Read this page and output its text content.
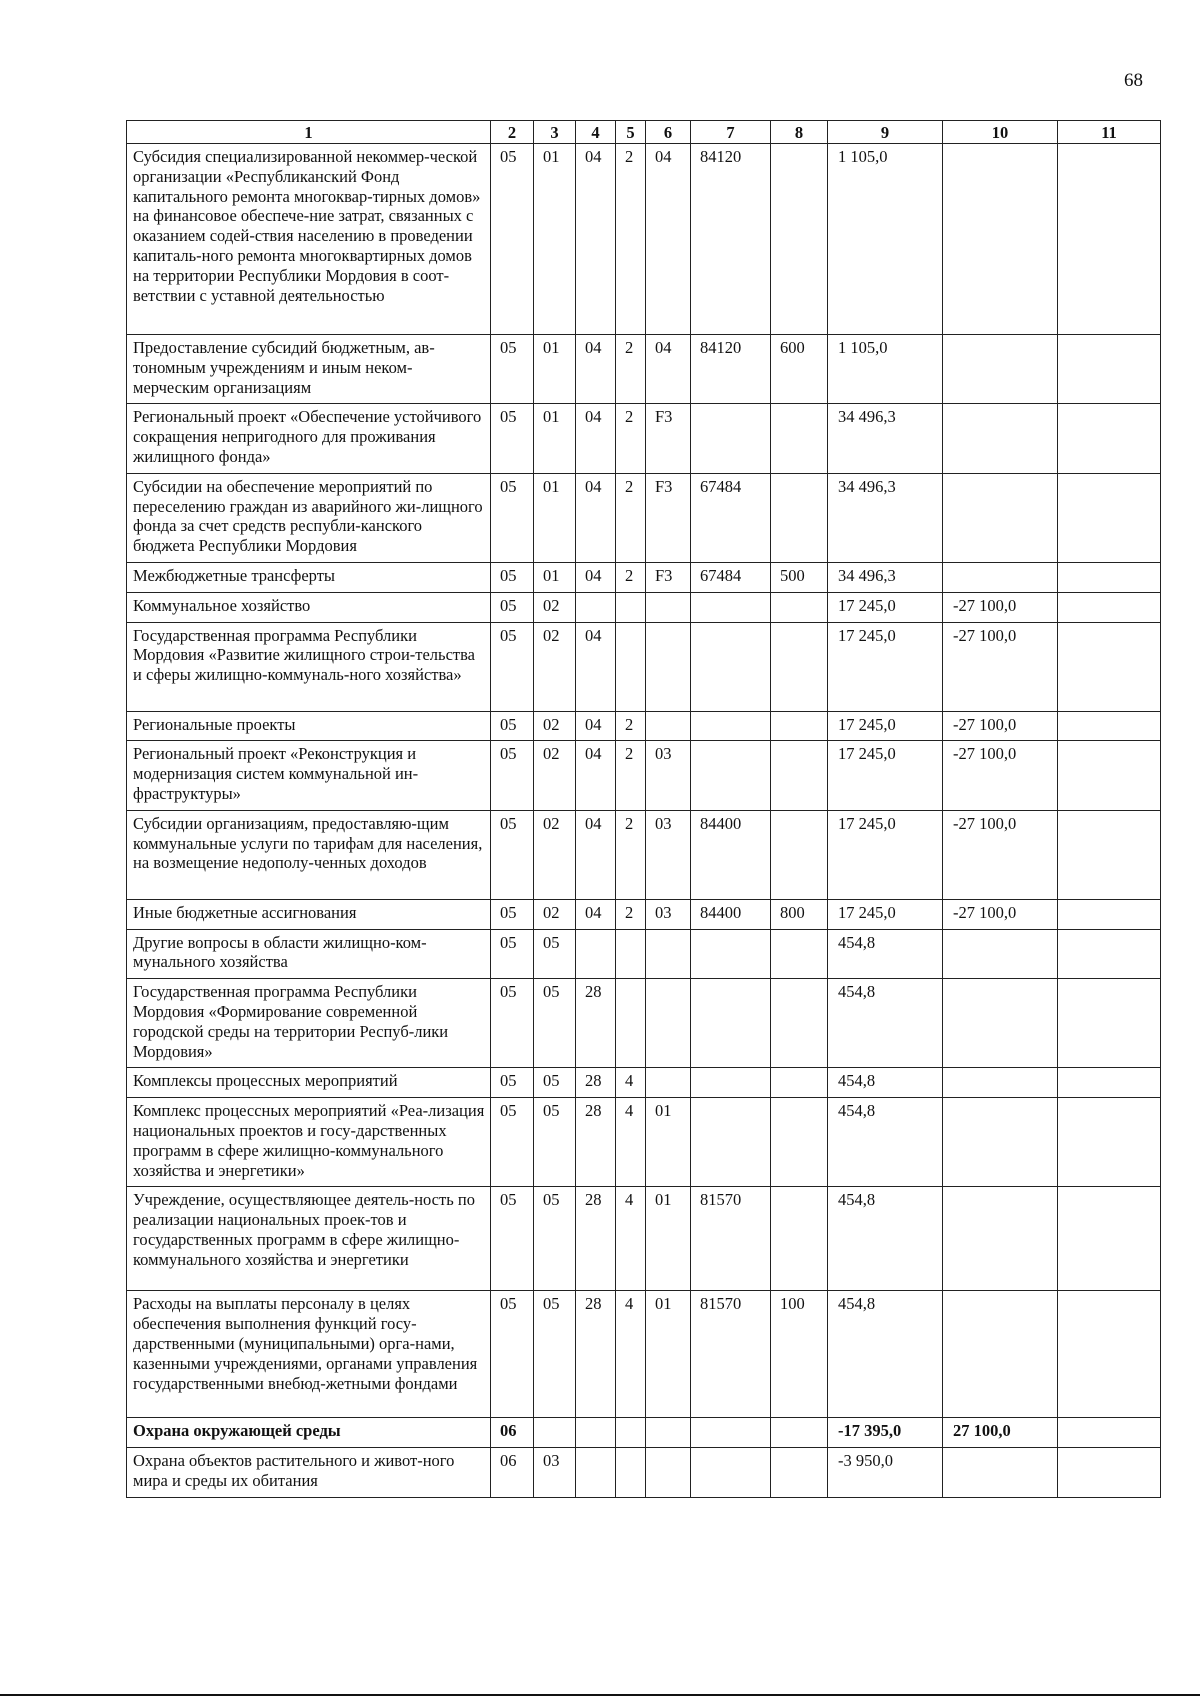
68
1	2	3	4	5	6	7	8	9	10	11
Субсидия специализированной некоммер-ческой организации «Республиканский Фонд капитального ремонта многоквар-тирных домов» на финансовое обеспече-ние затрат, связанных с оказанием содей-ствия населению в проведении капиталь-ного ремонта многоквартирных домов на территории Республики Мордовия в соот-ветствии с уставной деятельностью	05	01	04	2	04	84120		1 105,0		
Предоставление субсидий бюджетным, ав-тономным учреждениям и иным неком-мерческим организациям	05	01	04	2	04	84120	600	1 105,0		
Региональный проект «Обеспечение устойчивого сокращения непригодного для проживания жилищного фонда»	05	01	04	2	F3			34 496,3		
Субсидии на обеспечение мероприятий по переселению граждан из аварийного жи-лищного фонда за счет средств республи-канского бюджета Республики Мордовия	05	01	04	2	F3	67484		34 496,3		
Межбюджетные трансферты	05	01	04	2	F3	67484	500	34 496,3		
Коммунальное хозяйство	05	02						17 245,0	-27 100,0	
Государственная программа Республики Мордовия «Развитие жилищного строи-тельства и сферы жилищно-коммуналь-ного хозяйства»	05	02	04					17 245,0	-27 100,0	
Региональные проекты	05	02	04	2				17 245,0	-27 100,0	
Региональный проект «Реконструкция и модернизация систем коммунальной ин-фраструктуры»	05	02	04	2	03			17 245,0	-27 100,0	
Субсидии организациям, предоставляю-щим коммунальные услуги по тарифам для населения, на возмещение недополу-ченных доходов	05	02	04	2	03	84400		17 245,0	-27 100,0	
Иные бюджетные ассигнования	05	02	04	2	03	84400	800	17 245,0	-27 100,0	
Другие вопросы в области жилищно-ком-мунального хозяйства	05	05						454,8		
Государственная программа Республики Мордовия «Формирование современной городской среды на территории Респуб-лики Мордовия»	05	05	28					454,8		
Комплексы процессных мероприятий	05	05	28	4				454,8		
Комплекс процессных мероприятий «Реа-лизация национальных проектов и госу-дарственных программ в сфере жилищно-коммунального хозяйства и энергетики»	05	05	28	4	01			454,8		
Учреждение, осуществляющее деятель-ность по реализации национальных проек-тов и государственных программ в сфере жилищно-коммунального хозяйства и энергетики	05	05	28	4	01	81570		454,8		
Расходы на выплаты персоналу в целях обеспечения выполнения функций госу-дарственными (муниципальными) орга-нами, казенными учреждениями, органами управления государственными внебюд-жетными фондами	05	05	28	4	01	81570	100	454,8		
Охрана окружающей среды	06							-17 395,0	27 100,0	
Охрана объектов растительного и живот-ного мира и среды их обитания	06	03						-3 950,0		
